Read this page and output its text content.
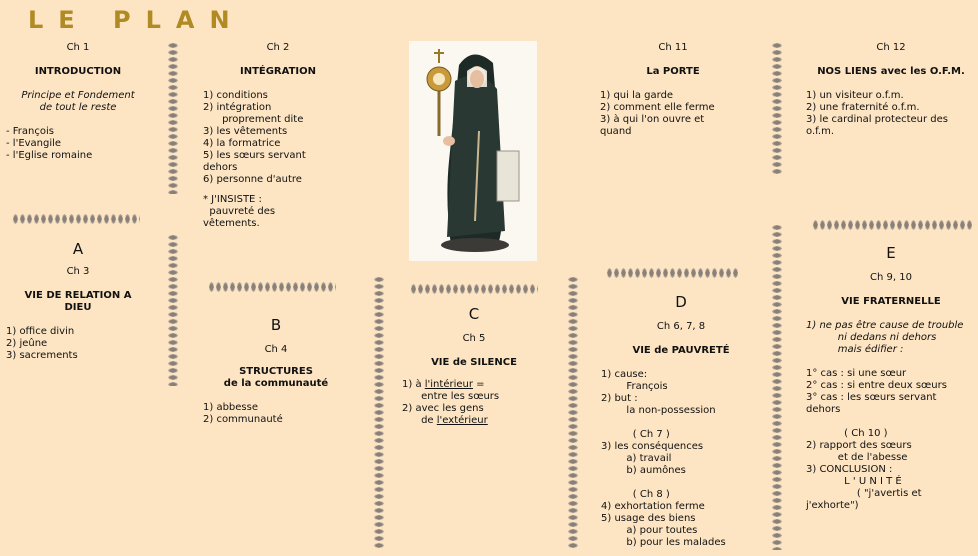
LE PLAN
Ch 1
INTRODUCTION
Principe et Fondement
de tout le reste
- François
- l'Evangile
- l'Eglise romaine
Ch 2
INTÉGRATION
1) conditions
2) intégration
proprement dite
3) les vêtements
4) la formatrice
5) les sœurs servant
dehors
6) personne d'autre
* J'INSISTE :
pauvreté des
vêtements.
A
Ch 3
VIE DE RELATION A
DIEU
1) office divin
2) jeûne
3) sacrements
B
Ch 4
STRUCTURES
de la communauté
1) abbesse
2) communauté
C
Ch 5
VIE de SILENCE
1) à l'intérieur =
entre les sœurs
2) avec les gens
de l'extérieur
Ch 11
La PORTE
1) qui la garde
2) comment elle ferme
3) à qui l'on ouvre et
quand
D
Ch 6, 7, 8
VIE de PAUVRETÉ
1) cause:
François
2) but :
la non-possession
( Ch 7 )
3) les conséquences
a) travail
b) aumônes
( Ch 8 )
4) exhortation ferme
5) usage des biens
a) pour toutes
b) pour les malades
Ch 12
NOS LIENS avec les O.F.M.
1) un visiteur o.f.m.
2) une fraternité o.f.m.
3) le cardinal protecteur des
o.f.m.
E
Ch 9, 10
VIE FRATERNELLE
1) ne pas être cause de trouble
ni dedans ni dehors
mais édifier :
1° cas : si une sœur
2° cas : si entre deux sœurs
3° cas : les sœurs servant
dehors
( Ch 10 )
2) rapport des sœurs
et de l'abesse
3) CONCLUSION :
L ' U N I T É
( "j'avertis et
j'exhorte")
